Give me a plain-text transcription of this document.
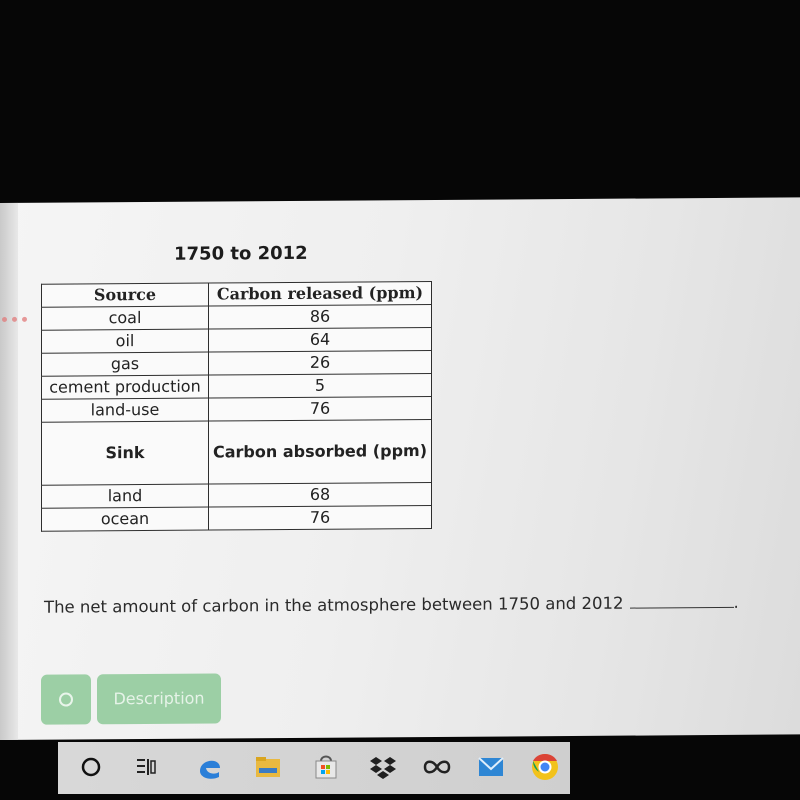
1750 to 2012
Source	Carbon released (ppm)
coal	86
oil	64
gas	26
cement production	5
land-use	76
Sink	Carbon absorbed (ppm)
land	68
ocean	76
The net amount of carbon in the atmosphere between 1750 and 2012	.
Description
